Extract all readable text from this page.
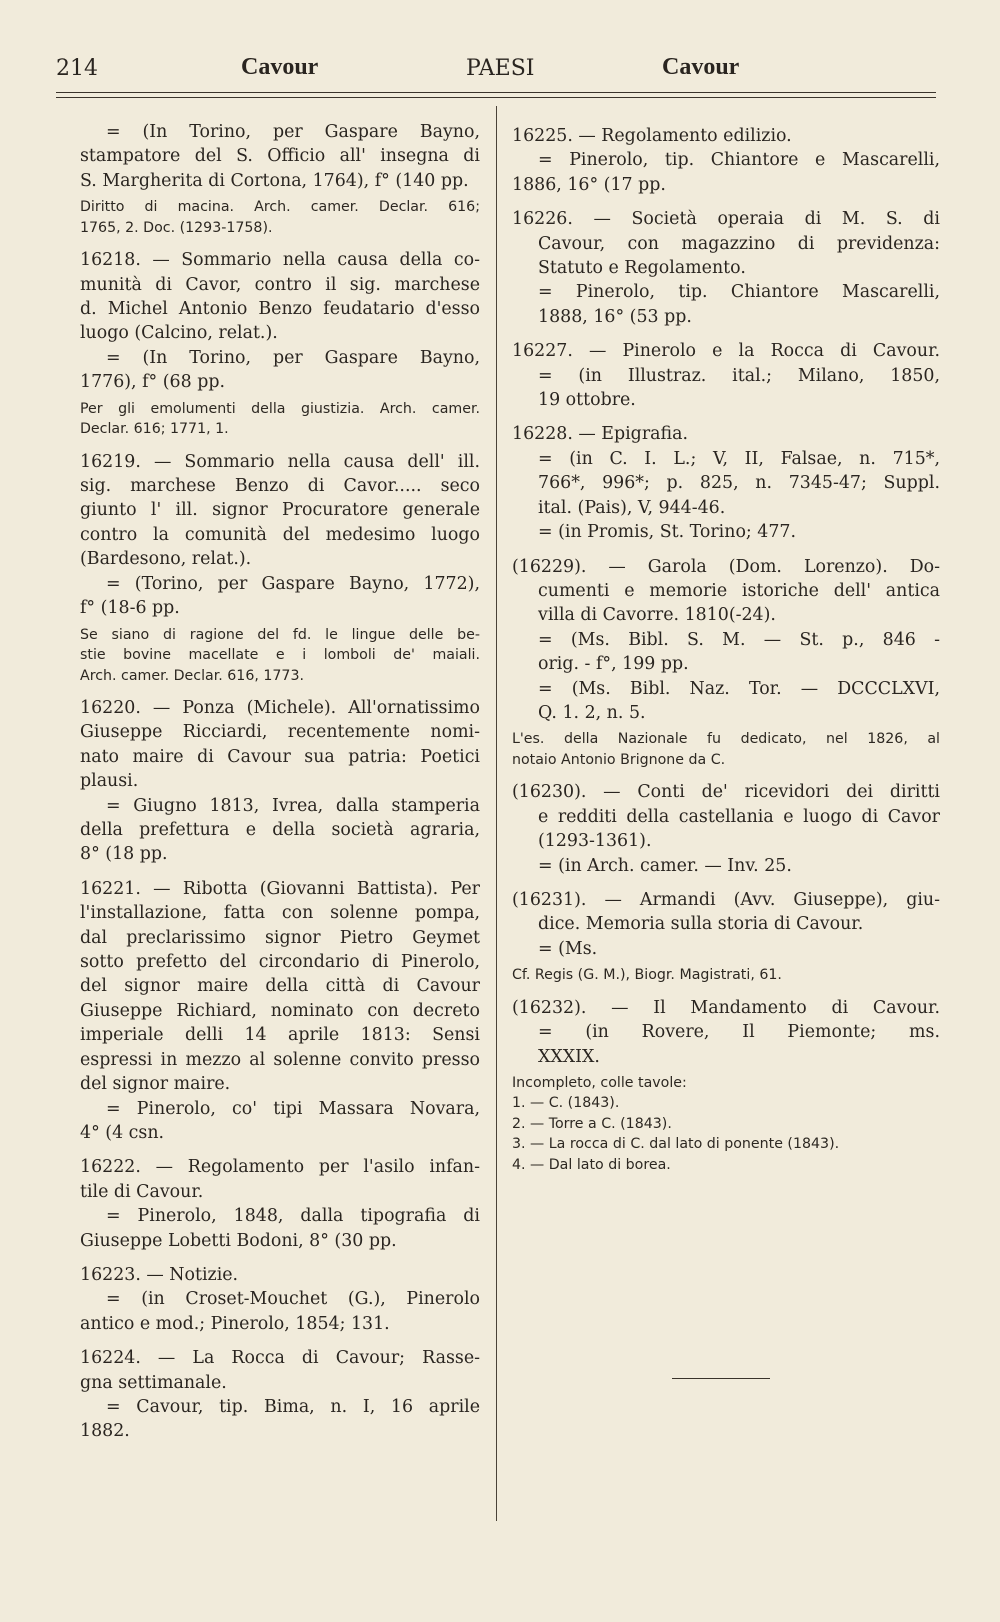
214	Cavour	PAESI	Cavour
= (In Torino, per Gaspare Bayno,
stampatore del S. Officio all' insegna di
S. Margherita di Cortona, 1764), f° (140 pp.
Diritto di macina. Arch. camer. Declar. 616;
1765, 2. Doc. (1293-1758).
16218. — Sommario nella causa della co-
munità di Cavor, contro il sig. marchese
d. Michel Antonio Benzo feudatario d'esso
luogo (Calcino, relat.).
= (In Torino, per Gaspare Bayno,
1776), f° (68 pp.
Per gli emolumenti della giustizia. Arch. camer.
Declar. 616; 1771, 1.
16219. — Sommario nella causa dell' ill.
sig. marchese Benzo di Cavor..... seco
giunto l' ill. signor Procuratore generale
contro la comunità del medesimo luogo
(Bardesono, relat.).
= (Torino, per Gaspare Bayno, 1772),
f° (18-6 pp.
Se siano di ragione del fd. le lingue delle be-
stie bovine macellate e i lomboli de' maiali.
Arch. camer. Declar. 616, 1773.
16220. — Ponza (Michele). All'ornatissimo
Giuseppe Ricciardi, recentemente nomi-
nato maire di Cavour sua patria: Poetici
plausi.
= Giugno 1813, Ivrea, dalla stamperia
della prefettura e della società agraria,
8° (18 pp.
16221. — Ribotta (Giovanni Battista). Per
l'installazione, fatta con solenne pompa,
dal preclarissimo signor Pietro Geymet
sotto prefetto del circondario di Pinerolo,
del signor maire della città di Cavour
Giuseppe Richiard, nominato con decreto
imperiale delli 14 aprile 1813: Sensi
espressi in mezzo al solenne convito presso
del signor maire.
= Pinerolo, co' tipi Massara Novara,
4° (4 csn.
16222. — Regolamento per l'asilo infan-
tile di Cavour.
= Pinerolo, 1848, dalla tipografia di
Giuseppe Lobetti Bodoni, 8° (30 pp.
16223. — Notizie.
= (in Croset-Mouchet (G.), Pinerolo
antico e mod.; Pinerolo, 1854; 131.
16224. — La Rocca di Cavour; Rasse-
gna settimanale.
= Cavour, tip. Bima, n. I, 16 aprile
1882.
16225. — Regolamento edilizio.
= Pinerolo, tip. Chiantore e Mascarelli,
1886, 16° (17 pp.
16226. — Società operaia di M. S. di
Cavour, con magazzino di previdenza:
Statuto e Regolamento.
= Pinerolo, tip. Chiantore Mascarelli,
1888, 16° (53 pp.
16227. — Pinerolo e la Rocca di Cavour.
= (in Illustraz. ital.; Milano, 1850,
19 ottobre.
16228. — Epigrafia.
= (in C. I. L.; V, II, Falsae, n. 715*,
766*, 996*; p. 825, n. 7345-47; Suppl.
ital. (Pais), V, 944-46.
= (in Promis, St. Torino; 477.
(16229). — Garola (Dom. Lorenzo). Do-
cumenti e memorie istoriche dell' antica
villa di Cavorre. 1810(-24).
= (Ms. Bibl. S. M. — St. p., 846 -
orig. - f°, 199 pp.
= (Ms. Bibl. Naz. Tor. — DCCCLXVI,
Q. 1. 2, n. 5.
L'es. della Nazionale fu dedicato, nel 1826, al
notaio Antonio Brignone da C.
(16230). — Conti de' ricevidori dei diritti
e redditi della castellania e luogo di Cavor
(1293-1361).
= (in Arch. camer. — Inv. 25.
(16231). — Armandi (Avv. Giuseppe), giu-
dice. Memoria sulla storia di Cavour.
= (Ms.
Cf. Regis (G. M.), Biogr. Magistrati, 61.
(16232). — Il Mandamento di Cavour.
= (in Rovere, Il Piemonte; ms.
XXXIX.
Incompleto, colle tavole:
1. — C. (1843).
2. — Torre a C. (1843).
3. — La rocca di C. dal lato di ponente (1843).
4. — Dal lato di borea.
